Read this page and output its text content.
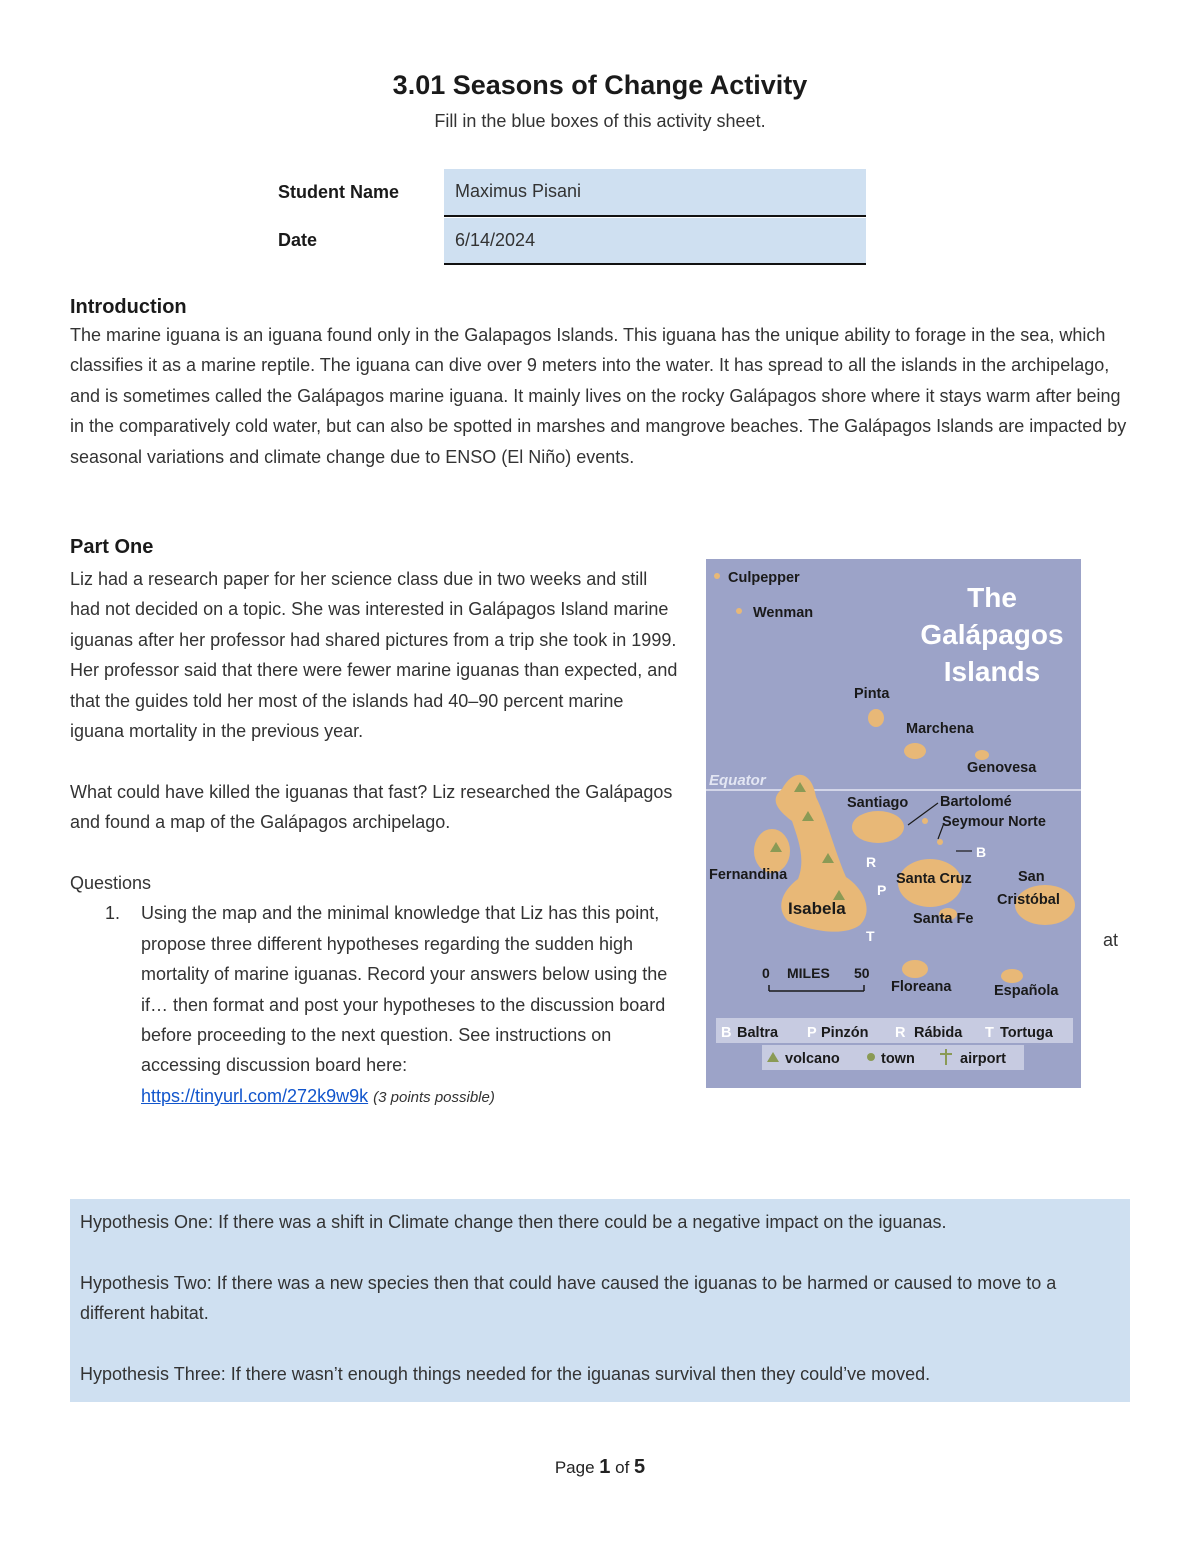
3.01 Seasons of Change Activity
Fill in the blue boxes of this activity sheet.
Student Name	Maximus Pisani
Date	6/14/2024
Introduction
The marine iguana is an iguana found only in the Galapagos Islands. This iguana has the unique ability to forage in the sea, which classifies it as a marine reptile. The iguana can dive over 9 meters into the water. It has spread to all the islands in the archipelago, and is sometimes called the Galápagos marine iguana. It mainly lives on the rocky Galápagos shore where it stays warm after being in the comparatively cold water, but can also be spotted in marshes and mangrove beaches. The Galápagos Islands are impacted by seasonal variations and climate change due to ENSO (El Niño) events.
Part One

Liz had a research paper for her science class due in two weeks and still had not decided on a topic. She was interested in Galápagos Island marine iguanas after her professor had shared pictures from a trip she took in 1999. Her professor said that there were fewer marine iguanas than expected, and that the guides told her most of the islands had 40–90 percent marine iguana mortality in the previous year.

What could have killed the iguanas that fast? Liz researched the Galápagos and found a map of the Galápagos archipelago.

Questions

1. Using the map and the minimal knowledge that Liz has this point, propose three different hypotheses regarding the sudden high mortality of marine iguanas. Record your answers below using the if… then format and post your hypotheses to the discussion board before proceeding to the next question. See instructions on accessing discussion board here:
https://tinyurl.com/272k9w9k (3 points possible)
at
The
Galápagos
Islands
Equator
R
P
T
B
Culpepper
Wenman
Pinta
Marchena
Genovesa
Santiago Bartolomé
Seymour Norte
Fernandina
Isabela
Santa Cruz	San
Cristóbal
Santa Fe
Floreana	Española
0 MILES 50
B Baltra P Pinzón R Rábida T Tortuga
volcano	town	airport

Hypothesis One: If there was a shift in Climate change then there could be a negative impact on the iguanas.

Hypothesis Two: If there was a new species then that could have caused the iguanas to be harmed or caused to move to a different habitat.

Hypothesis Three: If there wasn’t enough things needed for the iguanas survival then they could’ve moved.

Page 1 of 5
